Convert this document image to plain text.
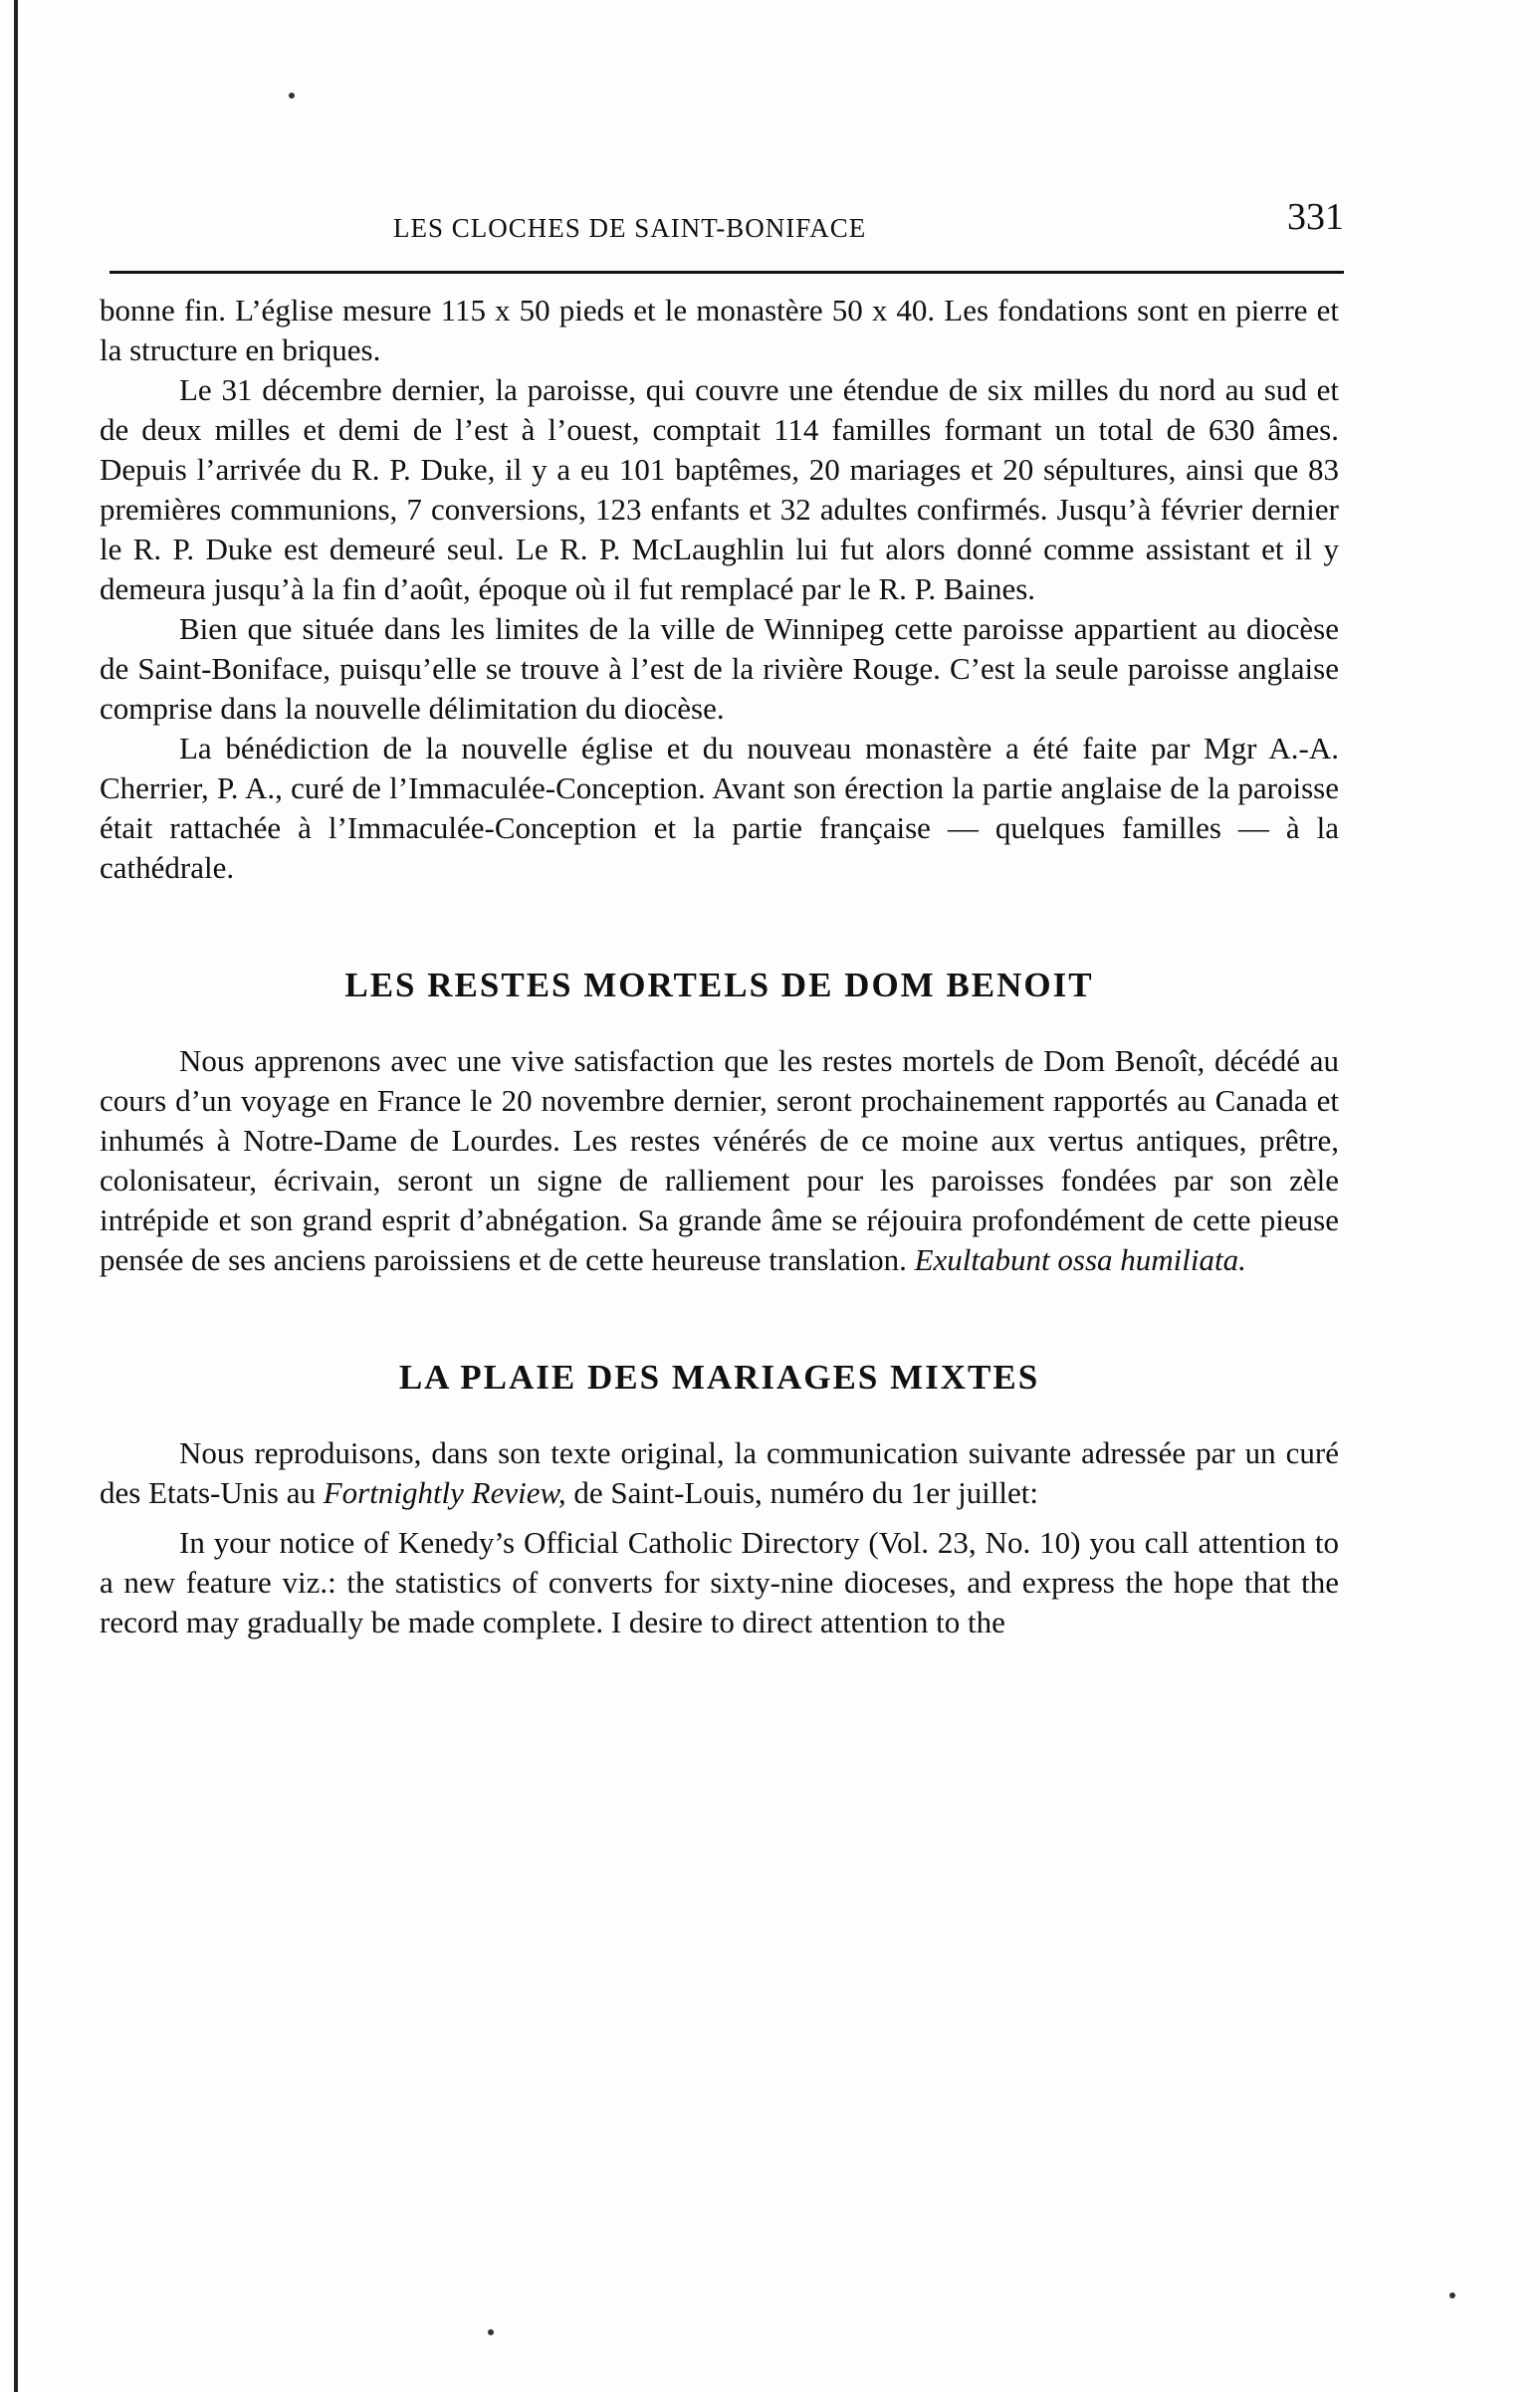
LES CLOCHES DE SAINT-BONIFACE	331

bonne fin. L’église mesure 115 x 50 pieds et le monastère 50 x 40. Les fondations sont en pierre et la structure en briques.

Le 31 décembre dernier, la paroisse, qui couvre une étendue de six milles du nord au sud et de deux milles et demi de l’est à l’ouest, comptait 114 familles formant un total de 630 âmes. Depuis l’arrivée du R. P. Duke, il y a eu 101 baptêmes, 20 mariages et 20 sépultures, ainsi que 83 premières communions, 7 conversions, 123 enfants et 32 adultes confirmés. Jusqu’à février dernier le R. P. Duke est demeuré seul. Le R. P. McLaughlin lui fut alors donné comme assistant et il y demeura jusqu’à la fin d’août, époque où il fut remplacé par le R. P. Baines.

Bien que située dans les limites de la ville de Winnipeg cette paroisse appartient au diocèse de Saint-Boniface, puisqu’elle se trouve à l’est de la rivière Rouge. C’est la seule paroisse anglaise comprise dans la nouvelle délimitation du diocèse.

La bénédiction de la nouvelle église et du nouveau monastère a été faite par Mgr A.-A. Cherrier, P. A., curé de l’Immaculée-Conception. Avant son érection la partie anglaise de la paroisse était rattachée à l’Immaculée-Conception et la partie française — quelques familles — à la cathédrale.

LES RESTES MORTELS DE DOM BENOIT

Nous apprenons avec une vive satisfaction que les restes mortels de Dom Benoît, décédé au cours d’un voyage en France le 20 novembre dernier, seront prochainement rapportés au Canada et inhumés à Notre-Dame de Lourdes. Les restes vénérés de ce moine aux vertus antiques, prêtre, colonisateur, écrivain, seront un signe de ralliement pour les paroisses fondées par son zèle intrépide et son grand esprit d’abnégation. Sa grande âme se réjouira profondément de cette pieuse pensée de ses anciens paroissiens et de cette heureuse translation. Exultabunt ossa humiliata.

LA PLAIE DES MARIAGES MIXTES

Nous reproduisons, dans son texte original, la communication suivante adressée par un curé des Etats-Unis au Fortnightly Review, de Saint-Louis, numéro du 1er juillet:

In your notice of Kenedy’s Official Catholic Directory (Vol. 23, No. 10) you call attention to a new feature viz.: the statistics of converts for sixty-nine dioceses, and express the hope that the record may gradually be made complete. I desire to direct attention to the
